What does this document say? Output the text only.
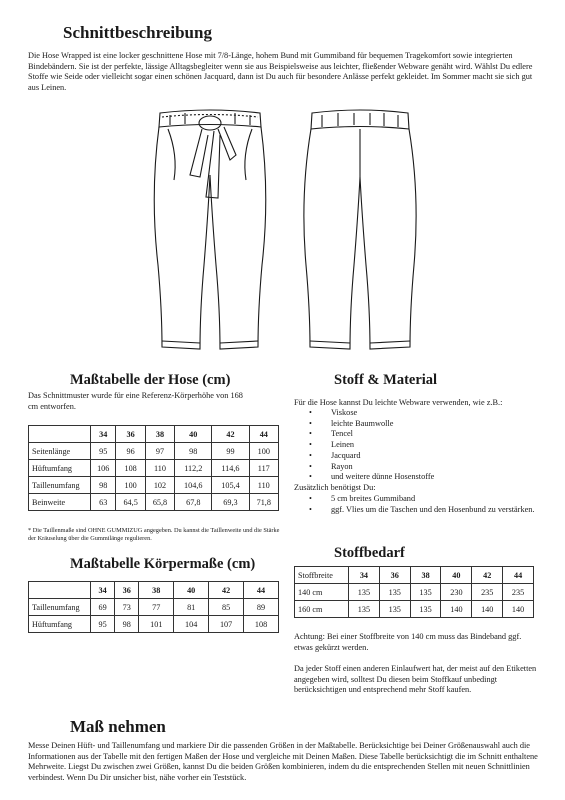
Schnittbeschreibung

Die Hose Wrapped ist eine locker geschnittene Hose mit 7/8-Länge, hohem Bund mit Gummiband für bequemen Tragekomfort sowie integrierten Bindebändern. Sie ist der perfekte, lässige Alltagsbegleiter wenn sie aus Beispielsweise aus leichter, fließender Webware genäht wird. Wählst Du edlere Stoffe wie Seide oder vielleicht sogar einen schönen Jacquard, dann ist Du auch für besondere Anlässe perfekt gekleidet. Im Sommer macht sie sich gut aus Leinen.

Maßtabelle der Hose (cm)

Das Schnittmuster wurde für eine Referenz-Körperhöhe von 168 cm entworfen.

	34	36	38	40	42	44
Seitenlänge	95	96	97	98	99	100
Hüftumfang	106	108	110	112,2	114,6	117
Taillenumfang	98	100	102	104,6	105,4	110
Beinweite	63	64,5	65,8	67,8	69,3	71,8

* Die Taillenmaße sind OHNE GUMMIZUG angegeben. Du kannst die Taillenweite und die Stärke der Kräuselung über die Gummilänge regulieren.

Maßtabelle Körpermaße (cm)
	34	36	38	40	42	44
Taillenumfang	69	73	77	81	85	89
Hüftumfang	95	98	101	104	107	108
Stoff & Material

Für die Hose kannst Du leichte Webware verwenden, wie z.B.:

• Viskose
• leichte Baumwolle
• Tencel
• Leinen
• Jacquard
• Rayon
• und weitere dünne Hosenstoffe

Zusätzlich benötigst Du:

• 5 cm breites Gummiband
• ggf. Vlies um die Taschen und den Hosenbund zu verstärken.
Stoffbedarf
Stoffbreite	34	36	38	40	42	44
140 cm	135	135	135	230	235	235
160 cm	135	135	135	140	140	140

Achtung: Bei einer Stoffbreite von 140 cm muss das Bindeband ggf. etwas gekürzt werden.

Da jeder Stoff einen anderen Einlaufwert hat, der meist auf den Etiketten angegeben wird, solltest Du diesen beim Stoffkauf unbedingt berücksichtigen und entsprechend mehr Stoff kaufen.

Maß nehmen

Messe Deinen Hüft- und Taillenumfang und markiere Dir die passenden Größen in der Maßtabelle. Berücksichtige bei Deiner Größenauswahl auch die Informationen aus der Tabelle mit den fertigen Maßen der Hose und vergleiche mit Deinen Maßen. Diese Tabelle berücksichtigt die im Schnitt enthaltene Mehrweite. Liegst Du zwischen zwei Größen, kannst Du die beiden Größen kombinieren, indem du die entsprechenden Stellen mit neuen Schnittlinien verbindest. Wenn Du Dir unsicher bist, nähe vorher ein Teststück.
